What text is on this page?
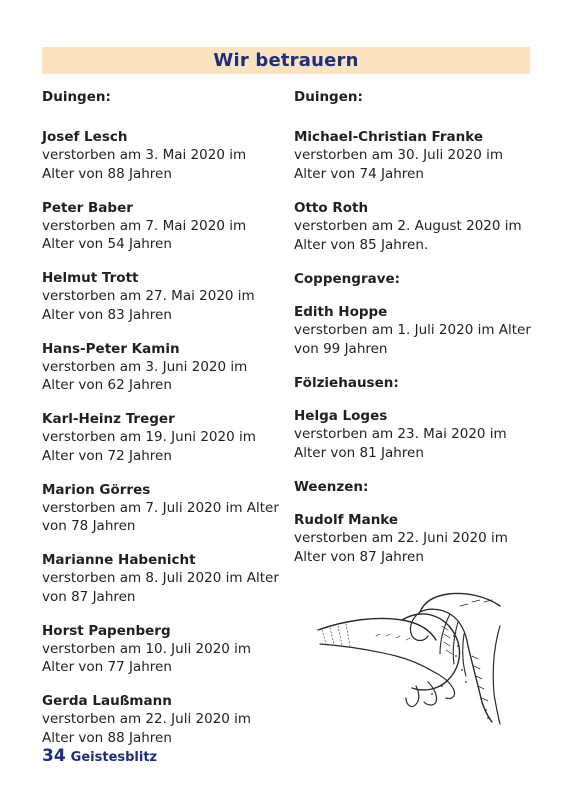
Wir betrauern
Duingen:
Josef Lesch
verstorben am 3. Mai 2020 im Alter von 88 Jahren
Peter Baber
verstorben am 7. Mai 2020 im Alter von 54 Jahren
Helmut Trott
verstorben am 27. Mai 2020 im Alter von 83 Jahren
Hans-Peter Kamin
verstorben am 3. Juni 2020 im Alter von 62 Jahren
Karl-Heinz Treger
verstorben am 19. Juni 2020 im Alter von 72 Jahren
Marion Görres
verstorben am 7. Juli 2020 im Alter von 78 Jahren
Marianne Habenicht
verstorben am 8. Juli 2020 im Alter von 87 Jahren
Horst Papenberg
verstorben am 10. Juli 2020 im Alter von 77 Jahren
Gerda Laußmann
verstorben am 22. Juli 2020 im Alter von 88 Jahren
Duingen:
Michael-Christian Franke
verstorben am 30. Juli 2020 im Alter von 74 Jahren
Otto Roth
verstorben am 2. August 2020 im Alter von 85 Jahren.
Coppengrave:
Edith Hoppe
verstorben am 1. Juli 2020 im Alter von 99 Jahren
Fölziehausen:
Helga Loges
verstorben am 23. Mai 2020 im Alter von 81 Jahren
Weenzen:
Rudolf Manke
verstorben am 22. Juni 2020 im Alter von 87 Jahren
34 Geistesblitz
